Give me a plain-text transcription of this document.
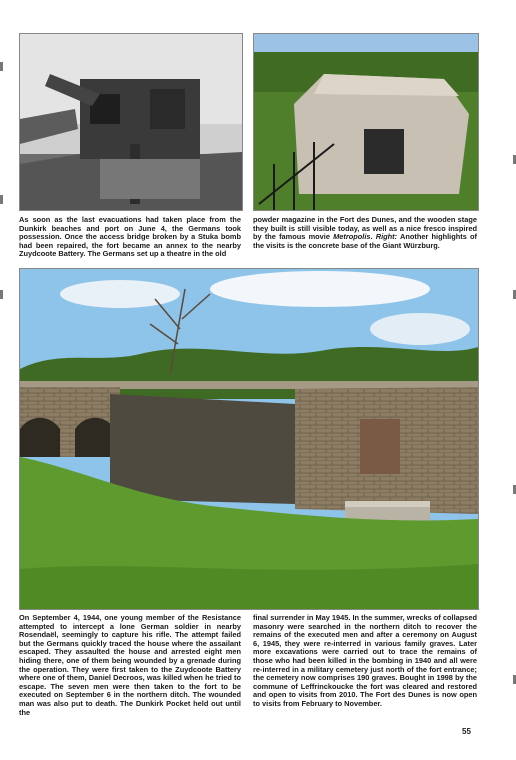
As soon as the last evacuations had taken place from the Dunkirk beaches and port on June 4, the Germans took possession. Once the access bridge broken by a Stuka bomb had been repaired, the fort became an annex to the nearby Zuydcoote Battery. The Germans set up a theatre in the old
powder magazine in the Fort des Dunes, and the wooden stage they built is still visible today, as well as a nice fresco inspired by the famous movie Metropolis. Right: Another highlights of the visits is the concrete base of the Giant Würzburg.
On September 4, 1944, one young member of the Resistance attempted to intercept a lone German soldier in nearby Rosendaël, seemingly to capture his rifle. The attempt failed but the Germans quickly traced the house where the assailant escaped. They assaulted the house and arrested eight men hiding there, one of them being wounded by a grenade during the operation. They were first taken to the Zuydcoote Battery where one of them, Daniel Decroos, was killed when he tried to escape. The seven men were then taken to the fort to be executed on September 6 in the northern ditch. The wounded man was also put to death. The Dunkirk Pocket held out until the
final surrender in May 1945. In the summer, wrecks of collapsed masonry were searched in the northern ditch to recover the remains of the executed men and after a ceremony on August 6, 1945, they were re-interred in various family graves. Later more excavations were carried out to trace the remains of those who had been killed in the bombing in 1940 and all were re-interred in a military cemetery just north of the fort entrance; the cemetery now comprises 190 graves. Bought in 1998 by the commune of Leffrinckoucke the fort was cleared and restored and open to visits from 2010. The Fort des Dunes is now open to visits from February to November.
55
